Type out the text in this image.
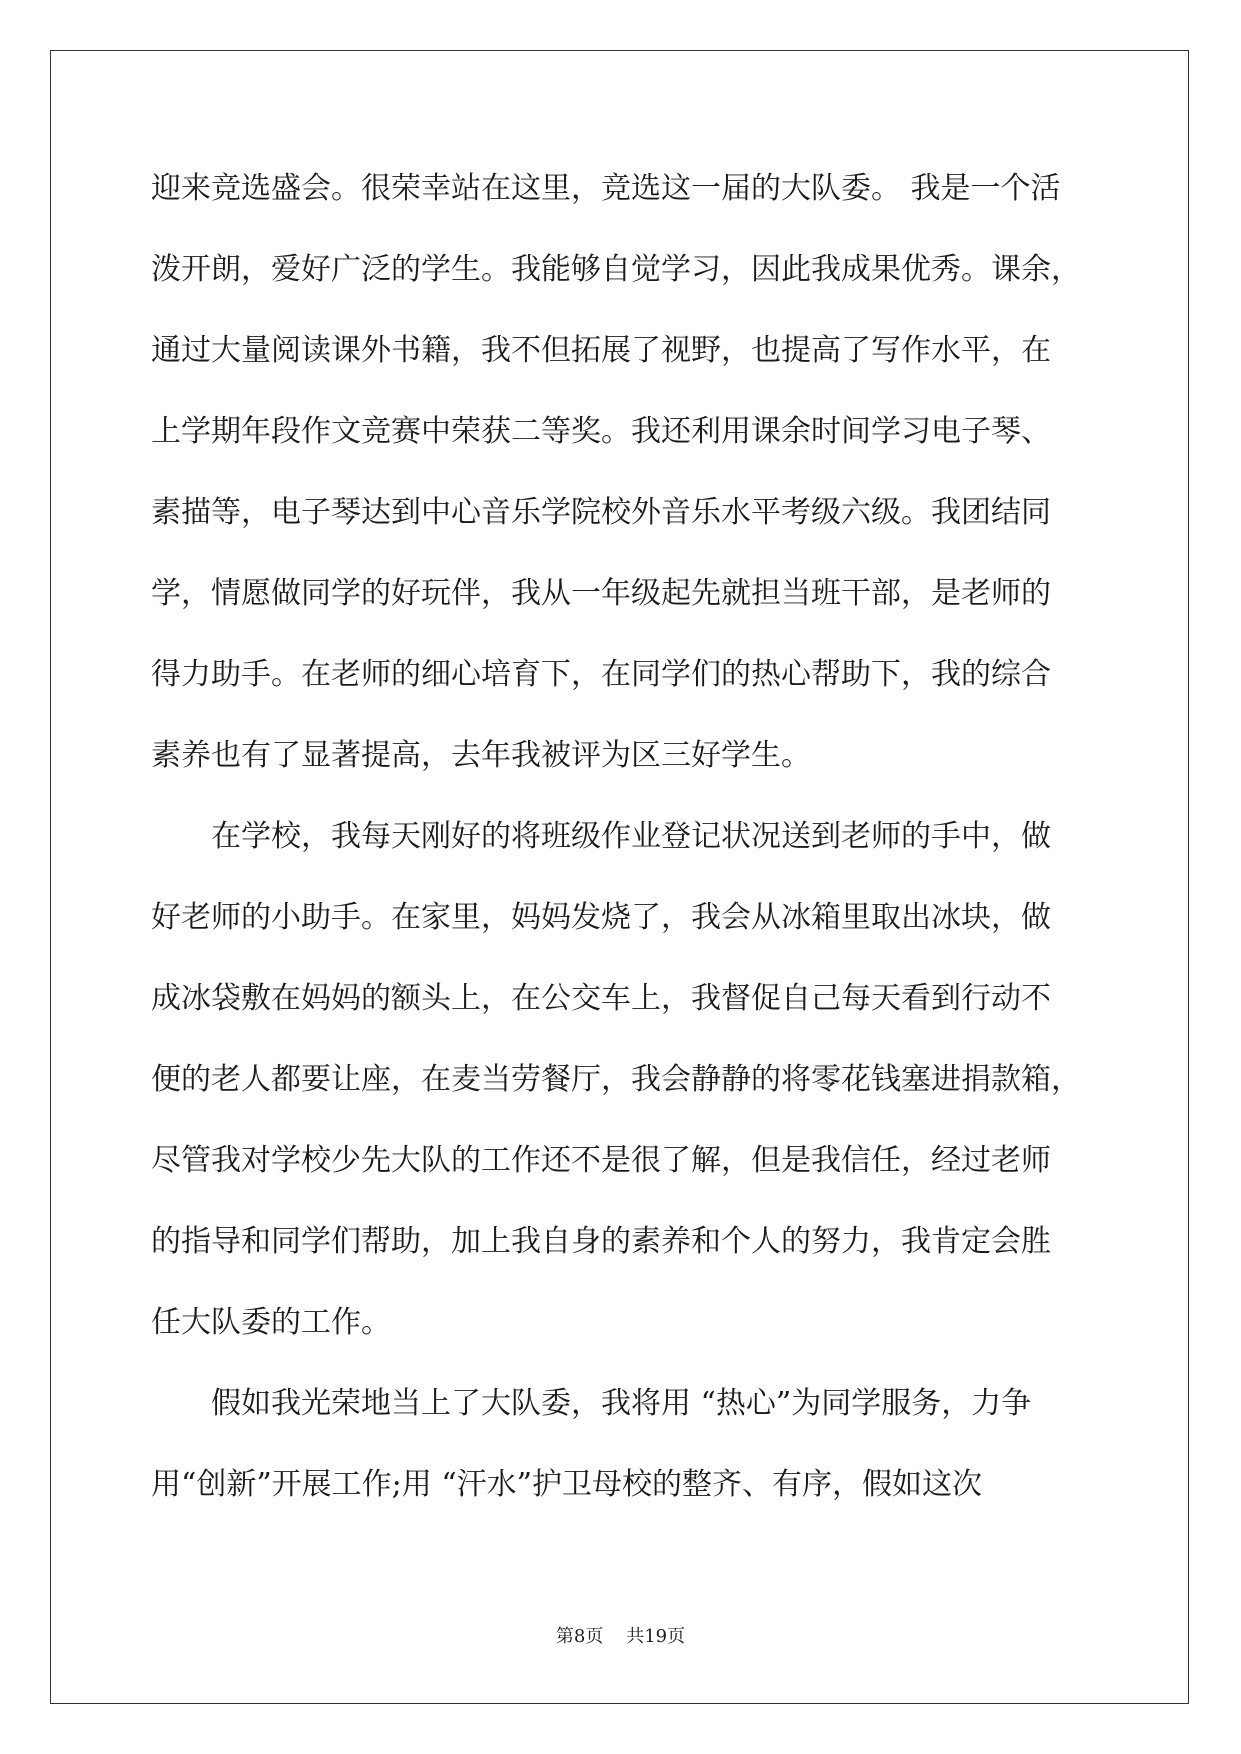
迎来竞选盛会。很荣幸站在这里，竞选这一届的大队委。 我是一个活
泼开朗，爱好广泛的学生。我能够自觉学习，因此我成果优秀。课余，
通过大量阅读课外书籍，我不但拓展了视野，也提高了写作水平，在
上学期年段作文竞赛中荣获二等奖。我还利用课余时间学习电子琴、
素描等，电子琴达到中心音乐学院校外音乐水平考级六级。我团结同
学，情愿做同学的好玩伴，我从一年级起先就担当班干部，是老师的
得力助手。在老师的细心培育下，在同学们的热心帮助下，我的综合
素养也有了显著提高，去年我被评为区三好学生。
　　在学校，我每天刚好的将班级作业登记状况送到老师的手中，做
好老师的小助手。在家里，妈妈发烧了，我会从冰箱里取出冰块，做
成冰袋敷在妈妈的额头上，在公交车上，我督促自己每天看到行动不
便的老人都要让座，在麦当劳餐厅，我会静静的将零花钱塞进捐款箱，
尽管我对学校少先大队的工作还不是很了解，但是我信任，经过老师
的指导和同学们帮助，加上我自身的素养和个人的努力，我肯定会胜
任大队委的工作。
　　假如我光荣地当上了大队委，我将用 “热心”为同学服务，力争
用“创新”开展工作;用 “汗水”护卫母校的整齐、有序，假如这次
第8页 共19页
